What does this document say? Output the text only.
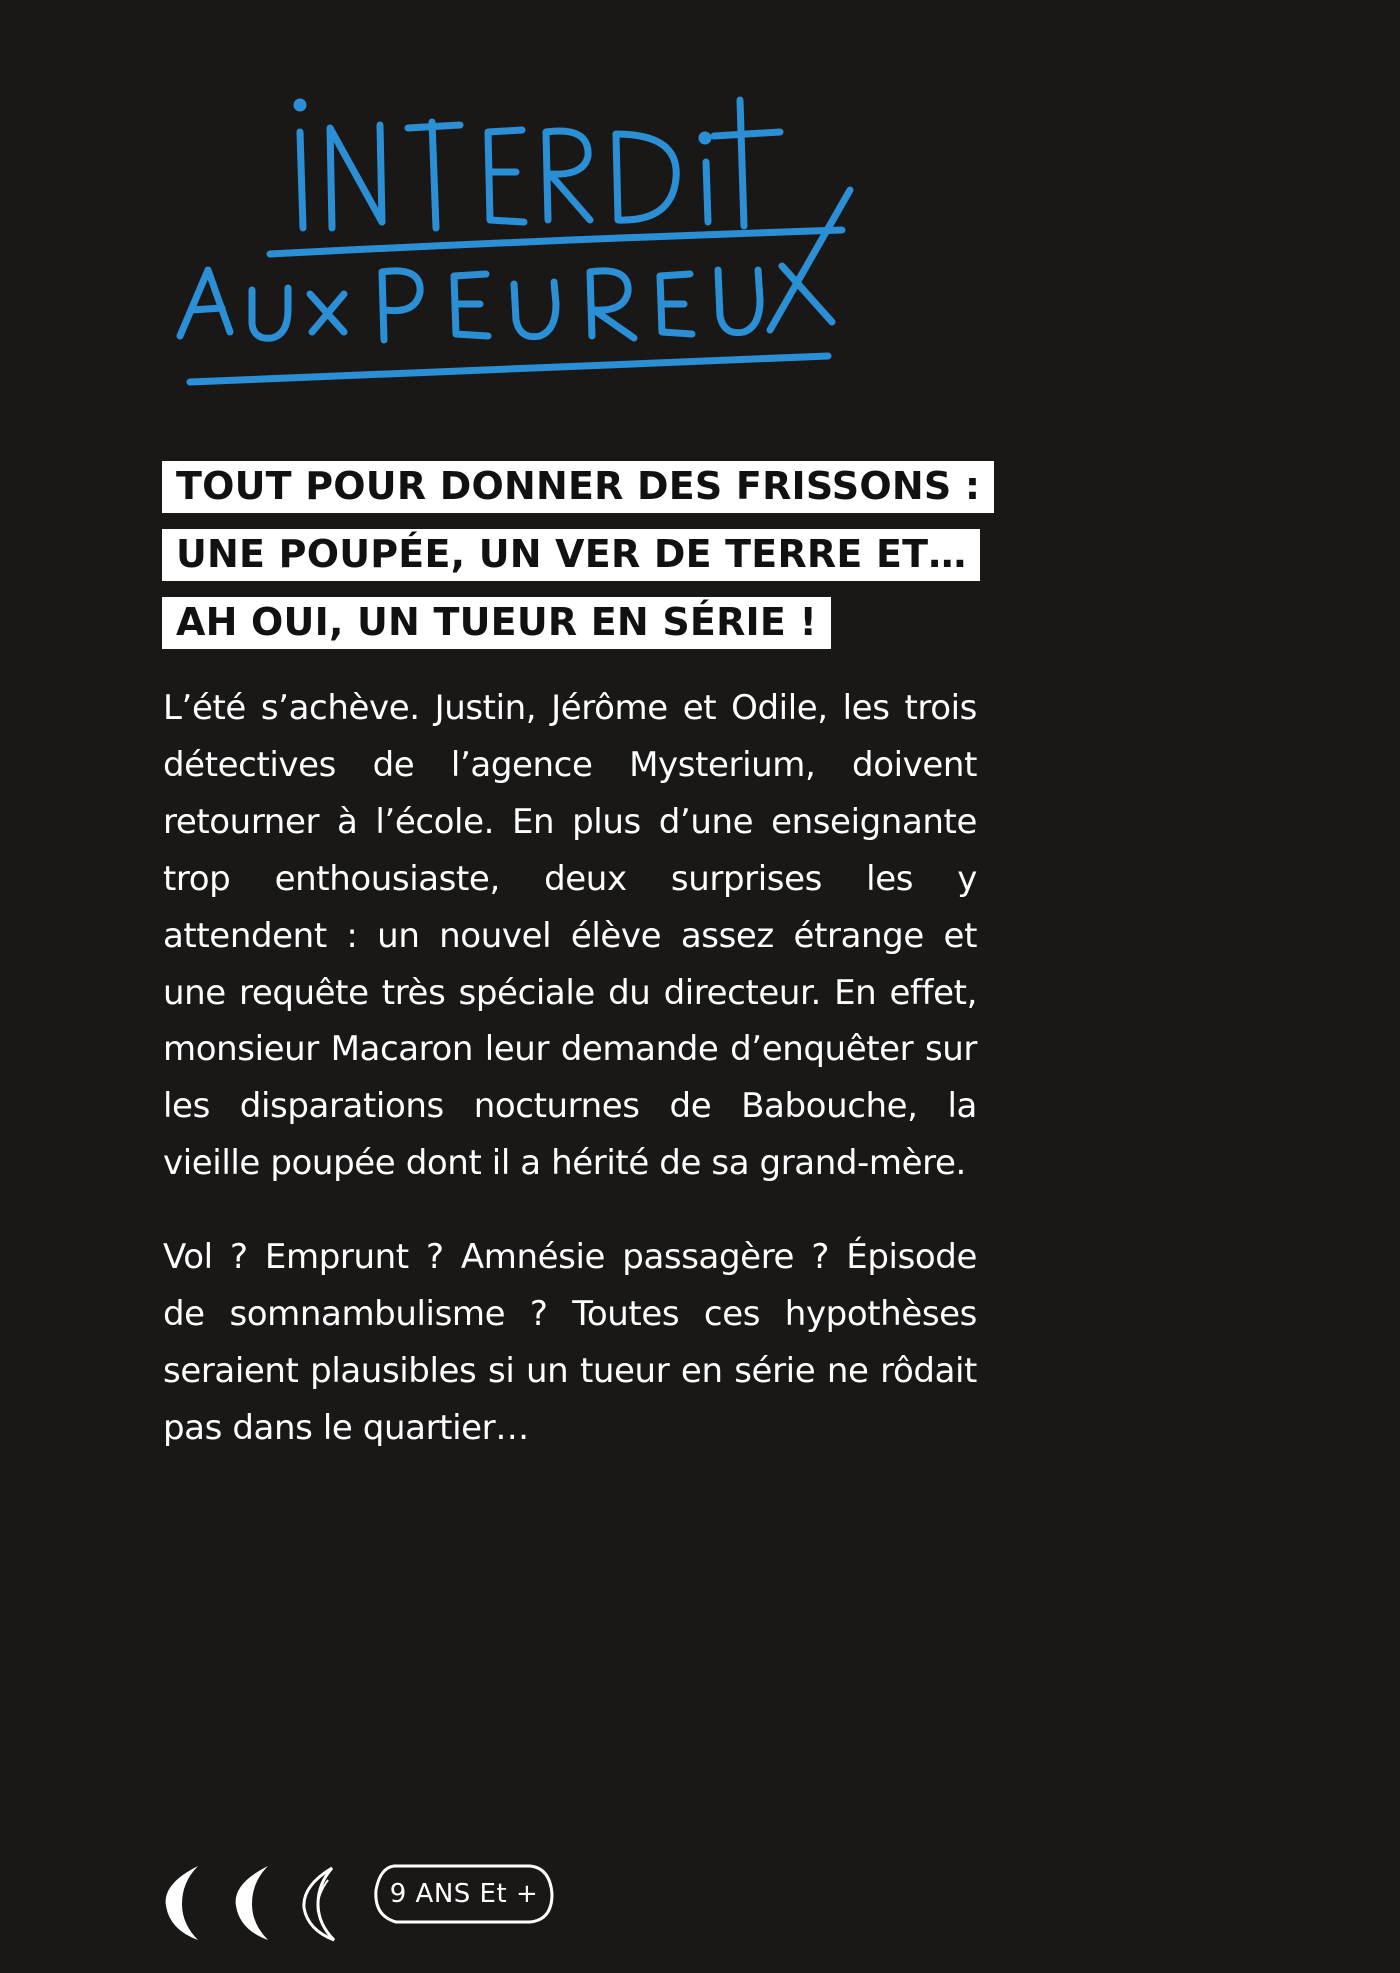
TOUT POUR DONNER DES FRISSONS :
UNE POUPÉE, UN VER DE TERRE ET…
AH OUI, UN TUEUR EN SÉRIE !

L’été s’achève. Justin, Jérôme et Odile, les trois détectives de l’agence Mysterium, doivent retourner à l’école. En plus d’une enseignante trop enthousiaste, deux surprises les y attendent : un nouvel élève assez étrange et une requête très spéciale du directeur. En effet, monsieur Macaron leur demande d’enquêter sur les disparations nocturnes de Babouche, la vieille poupée dont il a hérité de sa grand-mère.

Vol ? Emprunt ? Amnésie passagère ? Épisode de somnambulisme ? Toutes ces hypothèses seraient plausibles si un tueur en série ne rôdait pas dans le quartier…

9 ANS Et +
